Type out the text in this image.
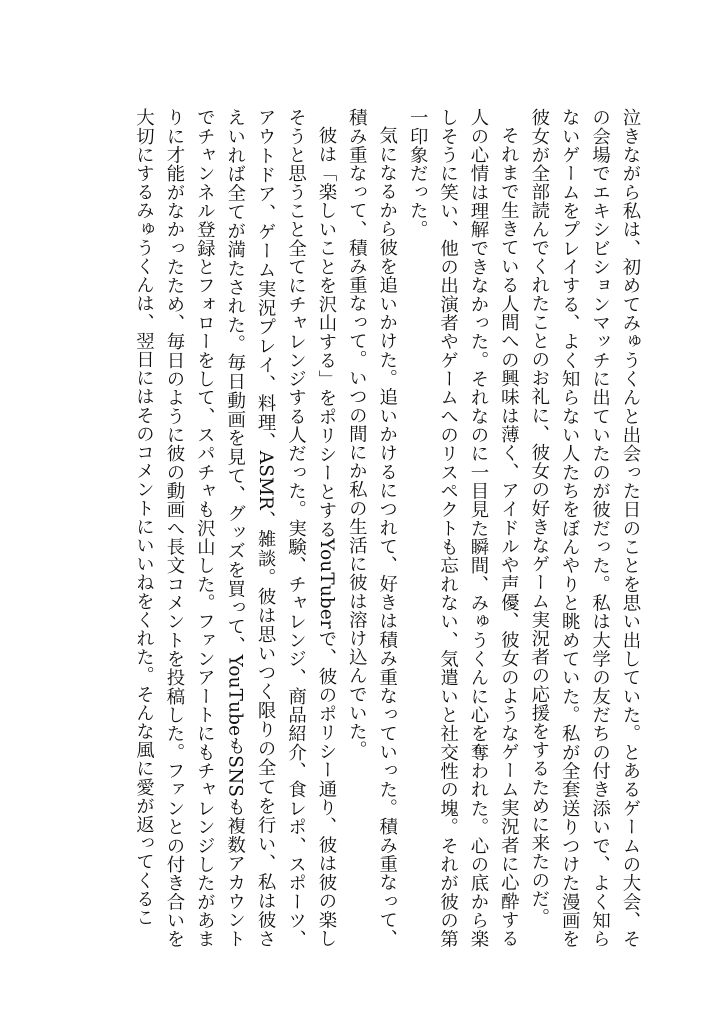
泣きながら私は、初めてみゅうくんと出会った日のことを思い出していた。とあるゲームの大会、その会場でエキシビションマッチに出ていたのが彼だった。私は大学の友だちの付き添いで、よく知らないゲームをプレイする、よく知らない人たちをぼんやりと眺めていた。私が全套送りつけた漫画を彼女が全部読んでくれたことのお礼に、彼女の好きなゲーム実況者の応援をするために来たのだ。

それまで生きている人間への興味は薄く、アイドルや声優、彼女のようなゲーム実況者に心酔する人の心情は理解できなかった。それなのに一目見た瞬間、みゅうくんに心を奪われた。心の底から楽しそうに笑い、他の出演者やゲームへのリスペクトも忘れない、気遣いと社交性の塊。それが彼の第一印象だった。

気になるから彼を追いかけた。追いかけるにつれて、好きは積み重なっていった。積み重なって、積み重なって、積み重なって。いつの間にか私の生活に彼は溶け込んでいた。

彼は「楽しいことを沢山する」をポリシーとするYouTuberで、彼のポリシー通り、彼は彼の楽しそうと思うこと全てにチャレンジする人だった。実験、チャレンジ、商品紹介、食レポ、スポーツ、アウトドア、ゲーム実況プレイ、料理、ASMR、雑談。彼は思いつく限りの全てを行い、私は彼さえいれば全てが満たされた。毎日動画を見て、グッズを買って、YouTubeもSNSも複数アカウントでチャンネル登録とフォローをして、スパチャも沢山した。ファンアートにもチャレンジしたがあまりに才能がなかったため、毎日のように彼の動画へ長文コメントを投稿した。ファンとの付き合いを大切にするみゅうくんは、翌日にはそのコメントにいいねをくれた。そんな風に愛が返ってくるこ
